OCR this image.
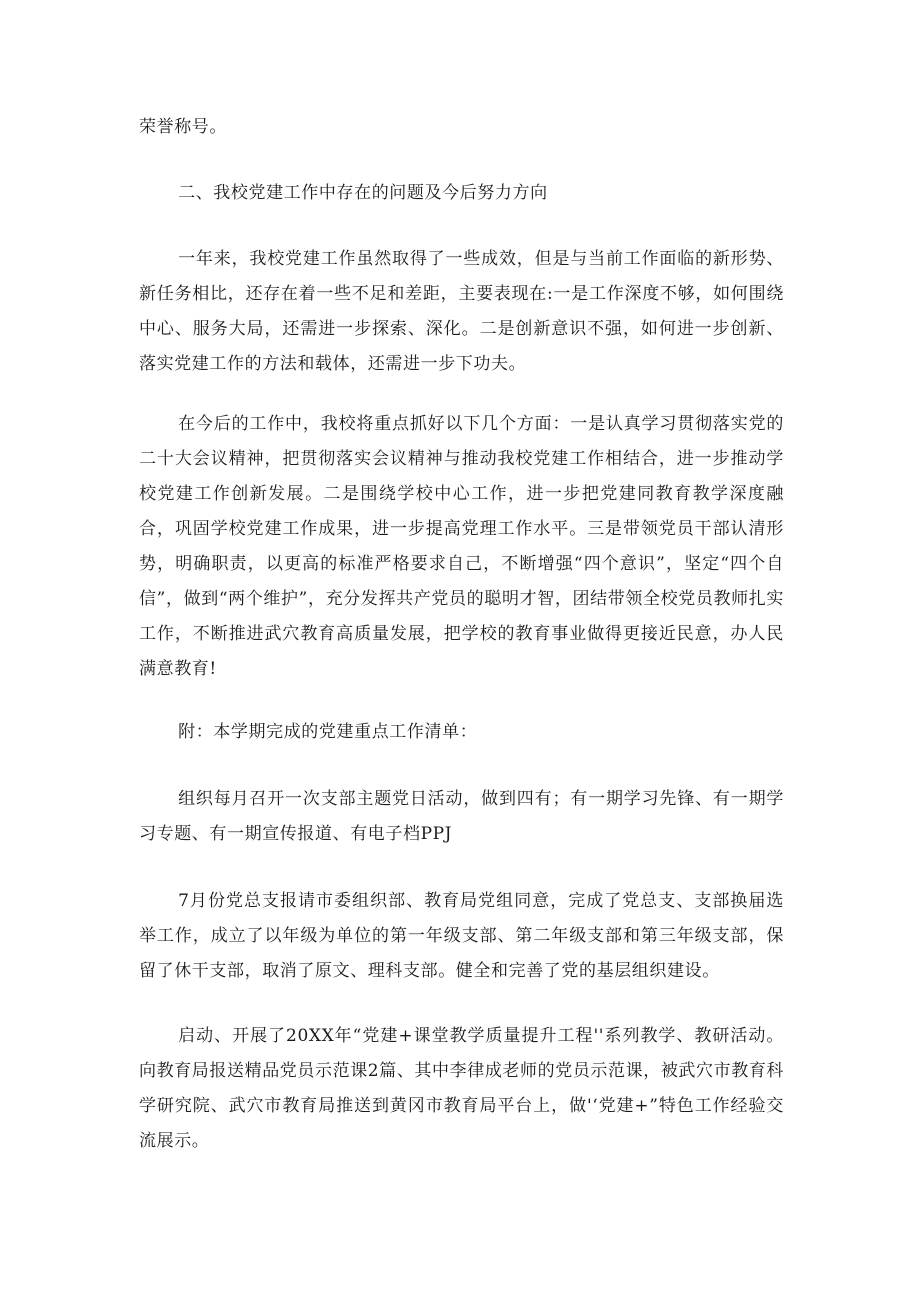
荣誉称号。

二、我校党建工作中存在的问题及今后努力方向

一年来，我校党建工作虽然取得了一些成效，但是与当前工作面临的新形势、新任务相比，还存在着一些不足和差距，主要表现在:一是工作深度不够，如何围绕中心、服务大局，还需进一步探索、深化。二是创新意识不强，如何进一步创新、落实党建工作的方法和载体，还需进一步下功夫。

在今后的工作中，我校将重点抓好以下几个方面：一是认真学习贯彻落实党的二十大会议精神，把贯彻落实会议精神与推动我校党建工作相结合，进一步推动学校党建工作创新发展。二是围绕学校中心工作，进一步把党建同教育教学深度融合，巩固学校党建工作成果，进一步提高党理工作水平。三是带领党员干部认清形势，明确职责，以更高的标准严格要求自己，不断增强“四个意识”，坚定“四个自信”，做到“两个维护”，充分发挥共产党员的聪明才智，团结带领全校党员教师扎实工作，不断推进武穴教育高质量发展，把学校的教育事业做得更接近民意，办人民满意教育!

附：本学期完成的党建重点工作清单：

组织每月召开一次支部主题党日活动，做到四有；有一期学习先锋、有一期学习专题、有一期宣传报道、有电子档PPJ

7月份党总支报请市委组织部、教育局党组同意，完成了党总支、支部换届选举工作，成立了以年级为单位的第一年级支部、第二年级支部和第三年级支部，保留了休干支部，取消了原文、理科支部。健全和完善了党的基层组织建设。

启动、开展了20XX年“党建+课堂教学质量提升工程''系列教学、教研活动。向教育局报送精品党员示范课2篇、其中李律成老师的党员示范课，被武穴市教育科学研究院、武穴市教育局推送到黄冈市教育局平台上，做'‘党建+”特色工作经验交流展示。
